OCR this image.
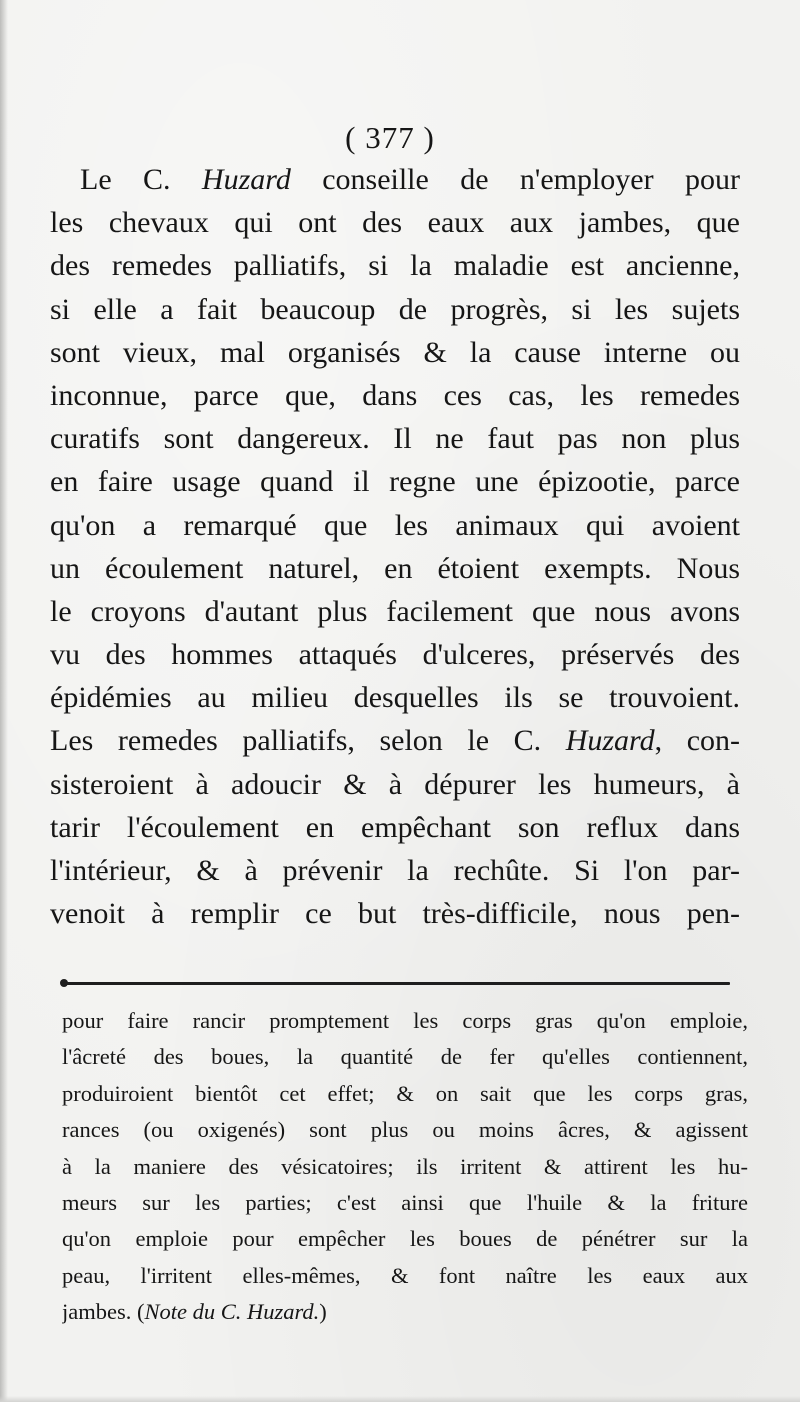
( 377 )
Le C. Huzard conseille de n'employer pour
les chevaux qui ont des eaux aux jambes, que
des remedes palliatifs, si la maladie est ancienne,
si elle a fait beaucoup de progrès, si les sujets
sont vieux, mal organisés & la cause interne ou
inconnue, parce que, dans ces cas, les remedes
curatifs sont dangereux. Il ne faut pas non plus
en faire usage quand il regne une épizootie, parce
qu'on a remarqué que les animaux qui avoient
un écoulement naturel, en étoient exempts. Nous
le croyons d'autant plus facilement que nous avons
vu des hommes attaqués d'ulceres, préservés des
épidémies au milieu desquelles ils se trouvoient.
Les remedes palliatifs, selon le C. Huzard, con-
sisteroient à adoucir & à dépurer les humeurs, à
tarir l'écoulement en empêchant son reflux dans
l'intérieur, & à prévenir la rechûte. Si l'on par-
venoit à remplir ce but très-difficile, nous pen-
pour faire rancir promptement les corps gras qu'on emploie,
l'âcreté des boues, la quantité de fer qu'elles contiennent,
produiroient bientôt cet effet; & on sait que les corps gras,
rances (ou oxigenés) sont plus ou moins âcres, & agissent
à la maniere des vésicatoires; ils irritent & attirent les hu-
meurs sur les parties; c'est ainsi que l'huile & la friture
qu'on emploie pour empêcher les boues de pénétrer sur la
peau, l'irritent elles-mêmes, & font naître les eaux aux
jambes. (Note du C. Huzard.)
